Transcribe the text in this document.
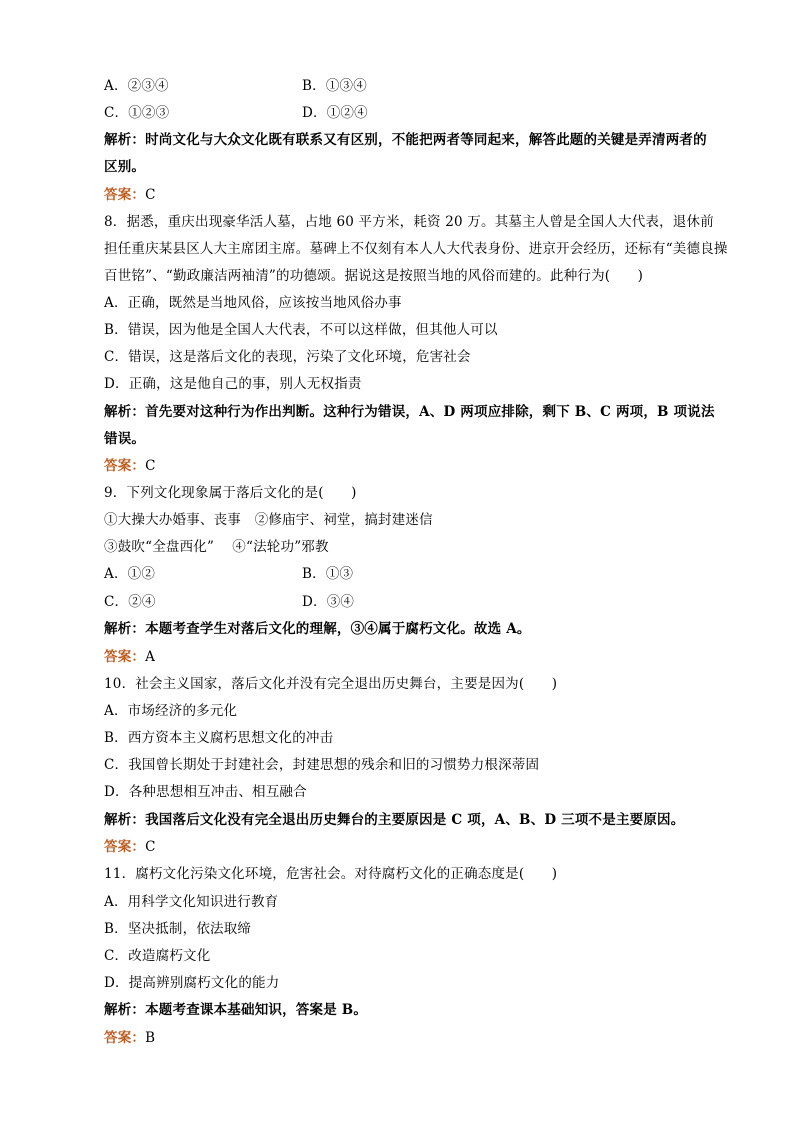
A．②③④	B．①③④
C．①②③	D．①②④
解析：时尚文化与大众文化既有联系又有区别，不能把两者等同起来，解答此题的关键是弄清两者的
区别。
答案：C
8．据悉，重庆出现豪华活人墓，占地 60 平方米，耗资 20 万。其墓主人曾是全国人大代表，退休前
担任重庆某县区人大主席团主席。墓碑上不仅刻有本人人大代表身份、进京开会经历，还标有“美德良操
百世铭”、“勤政廉洁两袖清”的功德颂。据说这是按照当地的风俗而建的。此种行为(　　)
A．正确，既然是当地风俗，应该按当地风俗办事
B．错误，因为他是全国人大代表，不可以这样做，但其他人可以
C．错误，这是落后文化的表现，污染了文化环境，危害社会
D．正确，这是他自己的事，别人无权指责
解析：首先要对这种行为作出判断。这种行为错误，A、D 两项应排除，剩下 B、C 两项，B 项说法
错误。
答案：C
9．下列文化现象属于落后文化的是(　　)
①大操大办婚事、丧事　②修庙宇、祠堂，搞封建迷信
③鼓吹“全盘西化”　 ④“法轮功”邪教
A．①②	B．①③
C．②④	D．③④
解析：本题考查学生对落后文化的理解，③④属于腐朽文化。故选 A。
答案：A
10．社会主义国家，落后文化并没有完全退出历史舞台，主要是因为(　　)
A．市场经济的多元化
B．西方资本主义腐朽思想文化的冲击
C．我国曾长期处于封建社会，封建思想的残余和旧的习惯势力根深蒂固
D．各种思想相互冲击、相互融合
解析：我国落后文化没有完全退出历史舞台的主要原因是 C 项，A、B、D 三项不是主要原因。
答案：C
11．腐朽文化污染文化环境，危害社会。对待腐朽文化的正确态度是(　　)
A．用科学文化知识进行教育
B．坚决抵制，依法取缔
C．改造腐朽文化
D．提高辨别腐朽文化的能力
解析：本题考查课本基础知识，答案是 B。
答案：B
